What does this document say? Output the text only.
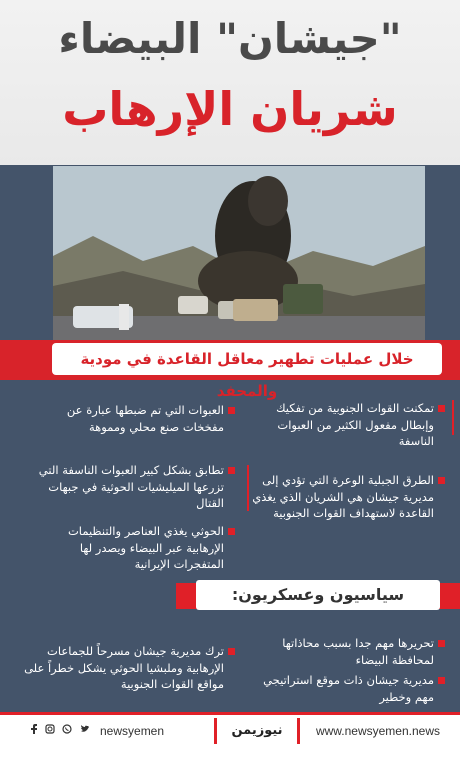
"جيشان" البيضاء
شريان الإرهاب
خلال عمليات تطهير معاقل القاعدة في مودية والمحفد
تمكنت القوات الجنوبية من تفكيك وإبطال مفعول الكثير من العبوات الناسفة
الطرق الجبلية الوعرة التي تؤدي إلى مديرية جيشان هي الشريان الذي يغذي القاعدة لاستهداف القوات الجنوبية
العبوات التي تم ضبطها عبارة عن مفخخات صنع محلي ومموهة
تطابق بشكل كبير العبوات الناسفة التي تزرعها الميليشيات الحوثية في جبهات القتال
الحوثي يغذي العناصر والتنظيمات الإرهابية عبر البيضاء ويصدر لها المتفجرات الإيرانية
سياسيون وعسكريون:
تحريرها مهم جدا بسبب محاذاتها لمحافظة البيضاء
مديرية جيشان ذات موقع استراتيجي مهم وخطير
ترك مديرية جيشان مسرحاً للجماعات الإرهابية وملبشيا الحوثي يشكل خطراً على مواقع القوات الجنوبية
www.newsyemen.news
نيوزيمن
newsyemen
